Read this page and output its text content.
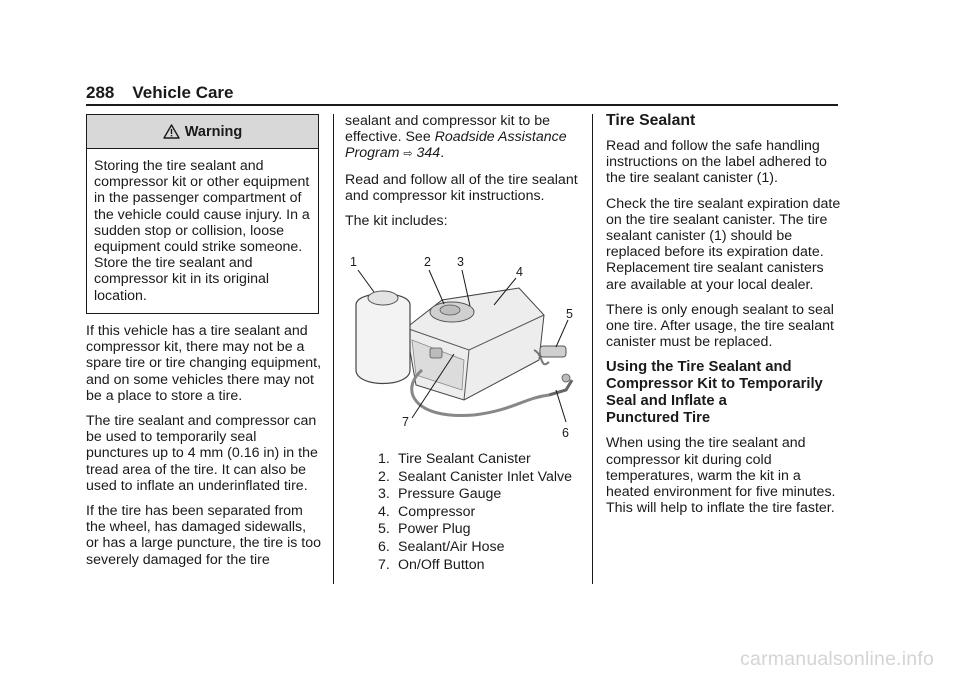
288 Vehicle Care
Warning
Storing the tire sealant and compressor kit or other equipment in the passenger compartment of the vehicle could cause injury. In a sudden stop or collision, loose equipment could strike someone. Store the tire sealant and compressor kit in its original location.

If this vehicle has a tire sealant and compressor kit, there may not be a spare tire or tire changing equipment, and on some vehicles there may not be a place to store a tire.

The tire sealant and compressor can be used to temporarily seal punctures up to 4 mm (0.16 in) in the tread area of the tire. It can also be used to inflate an underinflated tire.

If the tire has been separated from the wheel, has damaged sidewalls, or has a large puncture, the tire is too severely damaged for the tire

sealant and compressor kit to be effective. See Roadside Assistance Program ⇨ 344.

Read and follow all of the tire sealant and compressor kit instructions.

The kit includes:

1	2 3
4
5
6
7
1. Tire Sealant Canister
2. Sealant Canister Inlet Valve
3. Pressure Gauge
4. Compressor
5. Power Plug
6. Sealant/Air Hose
7. On/Off Button
Tire Sealant

Read and follow the safe handling instructions on the label adhered to the tire sealant canister (1).

Check the tire sealant expiration date on the tire sealant canister. The tire sealant canister (1) should be replaced before its expiration date. Replacement tire sealant canisters are available at your local dealer.

There is only enough sealant to seal one tire. After usage, the tire sealant canister must be replaced.

Using the Tire Sealant and
Compressor Kit to Temporarily
Seal and Inflate a
Punctured Tire

When using the tire sealant and compressor kit during cold temperatures, warm the kit in a heated environment for five minutes. This will help to inflate the tire faster.

carmanualsonline.info
